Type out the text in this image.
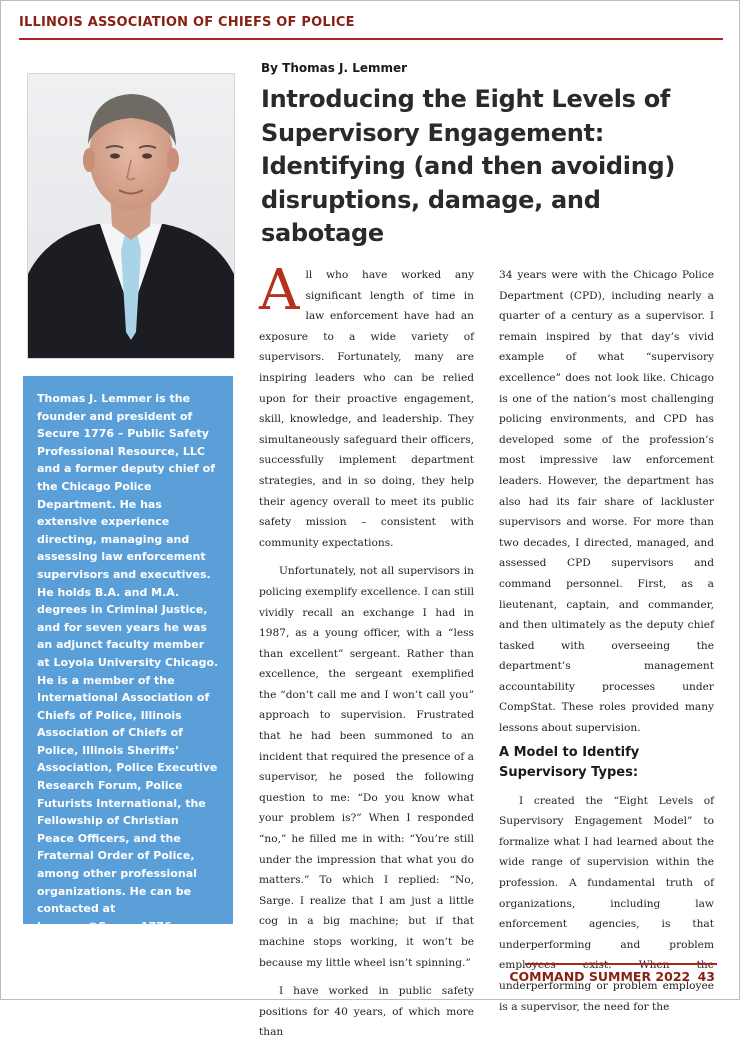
ILLINOIS ASSOCIATION OF CHIEFS OF POLICE

Thomas J. Lemmer is the founder and president of Secure 1776 – Public Safety Professional Resource, LLC and a former deputy chief of the Chicago Police Department. He has extensive experience directing, managing and assessing law enforcement supervisors and executives. He holds B.A. and M.A. degrees in Criminal Justice, and for seven years he was an adjunct faculty member at Loyola University Chicago. He is a member of the International Association of Chiefs of Police, Illinois Association of Chiefs of Police, Illinois Sheriffs’ Association, Police Executive Research Forum, Police Futurists International, the Fellowship of Christian Peace Officers, and the Fraternal Order of Police, among other professional organizations. He can be contacted at Lemmer@Secure1776.us.

By Thomas J. Lemmer
Introducing the Eight Levels of Supervisory Engagement: Identifying (and then avoiding) disruptions, damage, and sabotage

All who have worked any significant length of time in law enforcement have had an exposure to a wide variety of supervisors. Fortunately, many are inspiring leaders who can be relied upon for their proactive engagement, skill, knowledge, and leadership. They simultaneously safeguard their officers, successfully implement department strategies, and in so doing, they help their agency overall to meet its public safety mission – consistent with community expectations.

Unfortunately, not all supervisors in policing exemplify excellence. I can still vividly recall an exchange I had in 1987, as a young officer, with a “less than excellent” sergeant. Rather than excellence, the sergeant exemplified the “don’t call me and I won’t call you” approach to supervision. Frustrated that he had been summoned to an incident that required the presence of a supervisor, he posed the following question to me: “Do you know what your problem is?” When I responded “no,” he filled me in with: “You’re still under the impression that what you do matters.” To which I replied: “No, Sarge. I realize that I am just a little cog in a big machine; but if that machine stops working, it won’t be because my little wheel isn’t spinning.”

I have worked in public safety positions for 40 years, of which more than

34 years were with the Chicago Police Department (CPD), including nearly a quarter of a century as a supervisor. I remain inspired by that day’s vivid example of what “supervisory excellence” does not look like. Chicago is one of the nation’s most challenging policing environments, and CPD has developed some of the profession’s most impressive law enforcement leaders. However, the department has also had its fair share of lackluster supervisors and worse. For more than two decades, I directed, managed, and assessed CPD supervisors and command personnel. First, as a lieutenant, captain, and commander, and then ultimately as the deputy chief tasked with overseeing the department’s management accountability processes under CompStat. These roles provided many lessons about supervision.

A Model to Identify Supervisory Types:

I created the “Eight Levels of Supervisory Engagement Model” to formalize what I had learned about the wide range of supervision within the profession. A fundamental truth of organizations, including law enforcement agencies, is that underperforming and problem employees exist. When the underperforming or problem employee is a supervisor, the need for the

COMMAND SUMMER 2022 43
